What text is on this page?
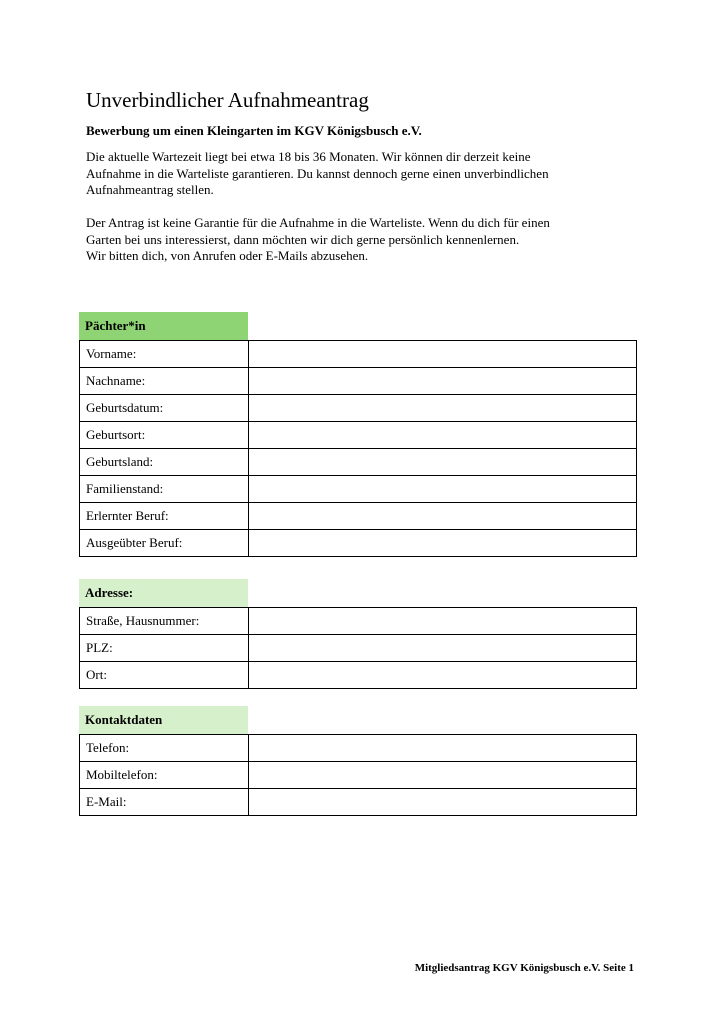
Unverbindlicher Aufnahmeantrag
Bewerbung um einen Kleingarten im KGV Königsbusch e.V.
Die aktuelle Wartezeit liegt bei etwa 18 bis 36 Monaten. Wir können dir derzeit keine
Aufnahme in die Warteliste garantieren. Du kannst dennoch gerne einen unverbindlichen
Aufnahmeantrag stellen.
Der Antrag ist keine Garantie für die Aufnahme in die Warteliste. Wenn du dich für einen
Garten bei uns interessierst, dann möchten wir dich gerne persönlich kennenlernen.
Wir bitten dich, von Anrufen oder E-Mails abzusehen.
Pächter*in
Vorname:	
Nachname:	
Geburtsdatum:	
Geburtsort:	
Geburtsland:	
Familienstand:	
Erlernter Beruf:	
Ausgeübter Beruf:	
Adresse:
Straße, Hausnummer:	
PLZ:	
Ort:	
Kontaktdaten
Telefon:	
Mobiltelefon:	
E-Mail:	
Mitgliedsantrag KGV Königsbusch e.V. Seite 1
